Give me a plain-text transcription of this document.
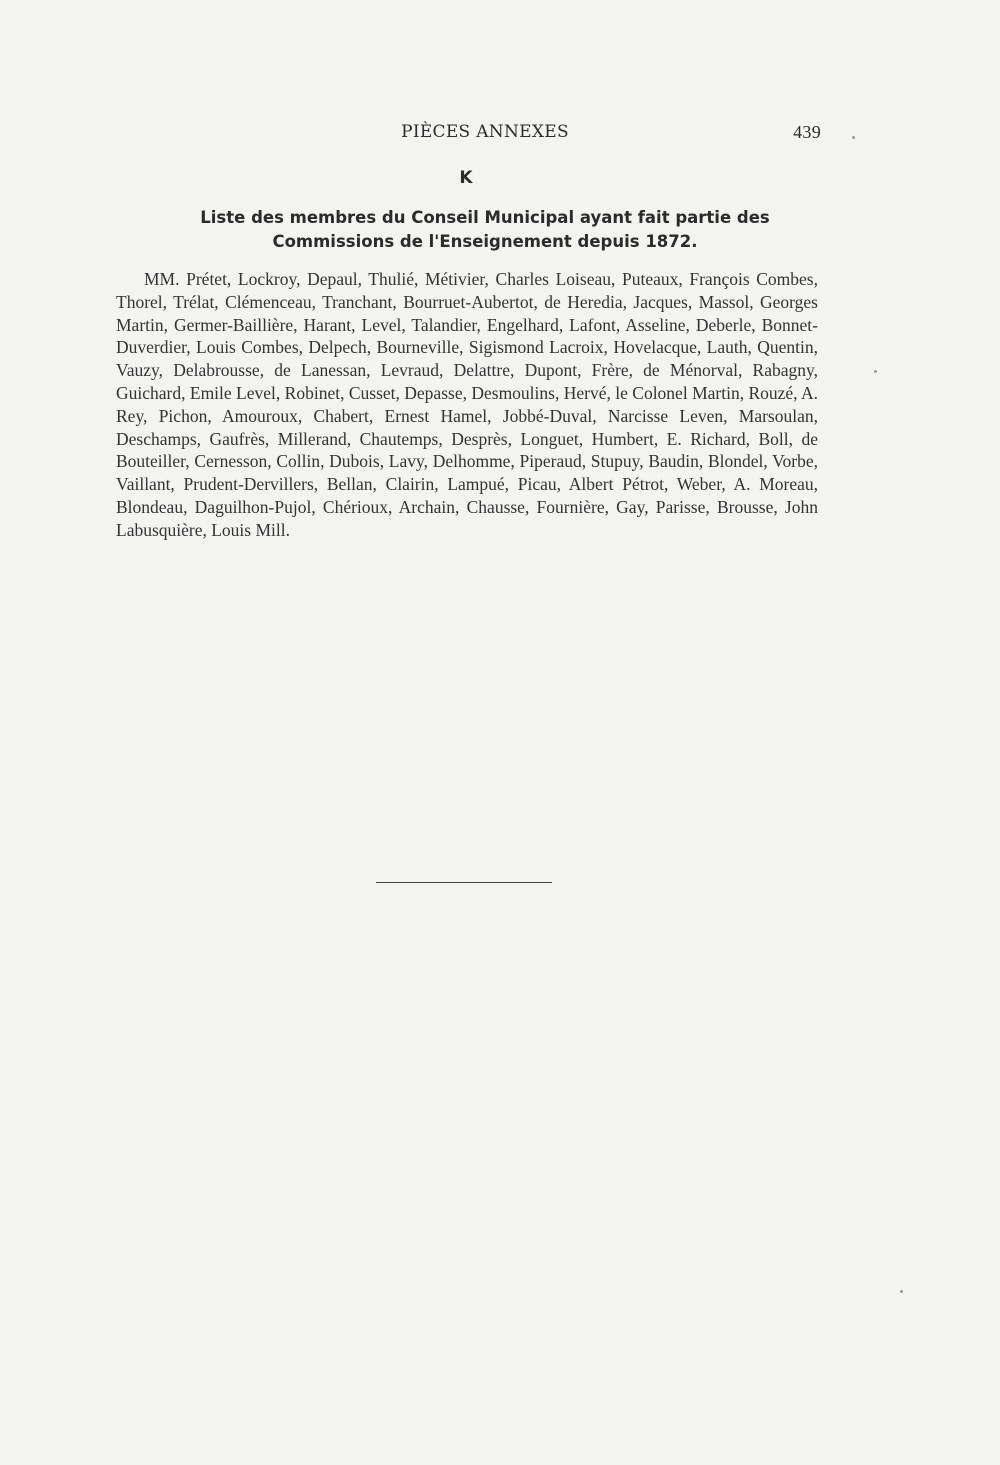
PIÈCES ANNEXES	439
K
Liste des membres du Conseil Municipal ayant fait partie des Commissions de l'Enseignement depuis 1872.

MM. Prétet, Lockroy, Depaul, Thulié, Métivier, Charles Loiseau, Puteaux, François Combes, Thorel, Trélat, Clémenceau, Tranchant, Bourruet-Aubertot, de Heredia, Jacques, Massol, Georges Martin, Germer-Baillière, Harant, Level, Talandier, Engelhard, Lafont, Asseline, Deberle, Bonnet-Duverdier, Louis Combes, Delpech, Bourneville, Sigismond Lacroix, Hovelacque, Lauth, Quentin, Vauzy, Delabrousse, de Lanessan, Levraud, Delattre, Dupont, Frère, de Ménorval, Rabagny, Guichard, Emile Level, Robinet, Cusset, Depasse, Desmoulins, Hervé, le Colonel Martin, Rouzé, A. Rey, Pichon, Amouroux, Chabert, Ernest Hamel, Jobbé-Duval, Narcisse Leven, Marsoulan, Deschamps, Gaufrès, Millerand, Chautemps, Desprès, Longuet, Humbert, E. Richard, Boll, de Bouteiller, Cernesson, Collin, Dubois, Lavy, Delhomme, Piperaud, Stupuy, Baudin, Blondel, Vorbe, Vaillant, Prudent-Dervillers, Bellan, Clairin, Lampué, Picau, Albert Pétrot, Weber, A. Moreau, Blondeau, Daguilhon-Pujol, Chérioux, Archain, Chausse, Fournière, Gay, Parisse, Brousse, John Labusquière, Louis Mill.
